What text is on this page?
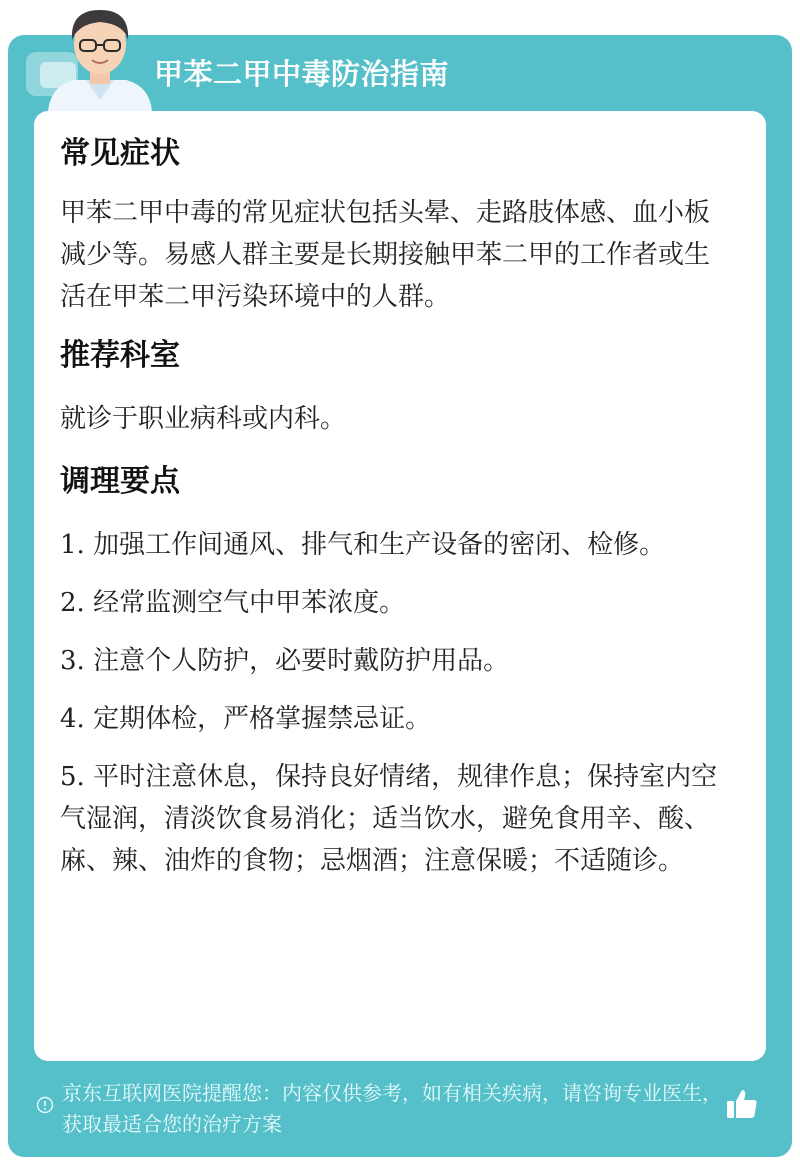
甲苯二甲中毒防治指南
常见症状

甲苯二甲中毒的常见症状包括头晕、走路肢体感、血小板减少等。易感人群主要是长期接触甲苯二甲的工作者或生活在甲苯二甲污染环境中的人群。

推荐科室

就诊于职业病科或内科。

调理要点

1. 加强工作间通风、排气和生产设备的密闭、检修。

2. 经常监测空气中甲苯浓度。

3. 注意个人防护，必要时戴防护用品。

4. 定期体检，严格掌握禁忌证。

5. 平时注意休息，保持良好情绪，规律作息；保持室内空气湿润，清淡饮食易消化；适当饮水，避免食用辛、酸、麻、辣、油炸的食物；忌烟酒；注意保暖；不适随诊。

京东互联网医院提醒您：内容仅供参考，如有相关疾病，请咨询专业医生，获取最适合您的治疗方案
